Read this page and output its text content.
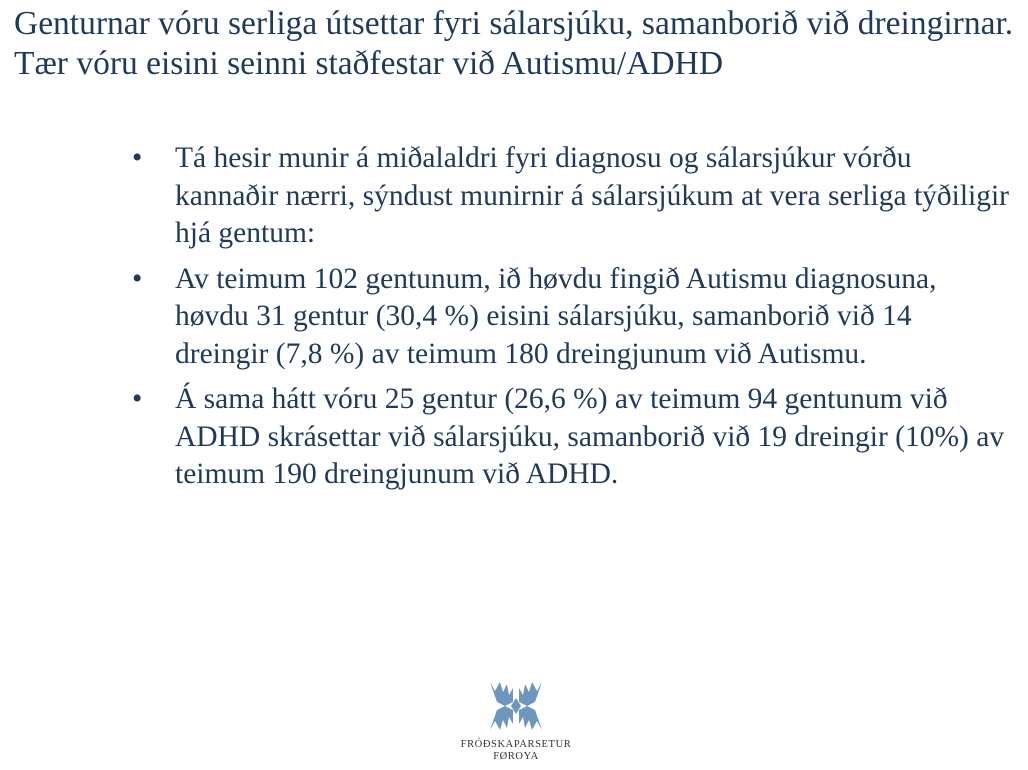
Genturnar vóru serliga útsettar fyri sálarsjúku, samanborið við dreingirnar. Tær vóru eisini seinni staðfestar við Autismu/ADHD
• Tá hesir munir á miðalaldri fyri diagnosu og sálarsjúkur vórðu kannaðir nærri, sýndust munirnir á sálarsjúkum at vera serliga týðiligir hjá gentum:
• Av teimum 102 gentunum, ið høvdu fingið Autismu diagnosuna, høvdu 31 gentur (30,4 %) eisini sálarsjúku, samanborið við 14 dreingir (7,8 %) av teimum 180 dreingjunum við Autismu.
• Á sama hátt vóru 25 gentur (26,6 %) av teimum 94 gentunum við ADHD skrásettar við sálarsjúku, samanborið við 19 dreingir (10%) av teimum 190 dreingjunum við ADHD.
FRÓÐSKAPARSETUR
FØROYA
